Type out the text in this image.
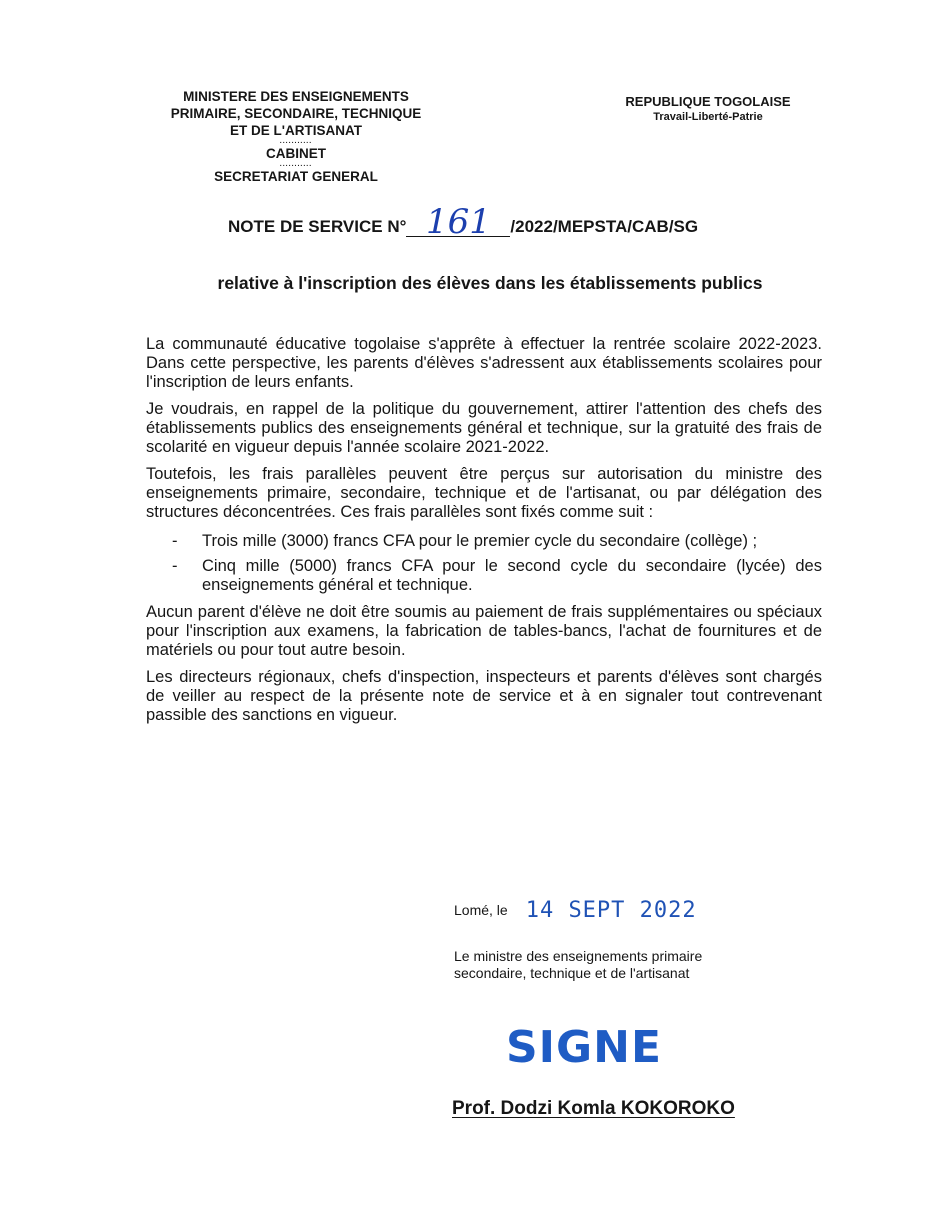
MINISTERE DES ENSEIGNEMENTS
PRIMAIRE, SECONDAIRE, TECHNIQUE
ET DE L'ARTISANAT
...........
CABINET
...........
SECRETARIAT GENERAL
REPUBLIQUE TOGOLAISE
Travail-Liberté-Patrie
NOTE DE SERVICE N° 161 /2022/MEPSTA/CAB/SG
relative à l'inscription des élèves dans les établissements publics

La communauté éducative togolaise s'apprête à effectuer la rentrée scolaire 2022-2023. Dans cette perspective, les parents d'élèves s'adressent aux établissements scolaires pour l'inscription de leurs enfants.

Je voudrais, en rappel de la politique du gouvernement, attirer l'attention des chefs des établissements publics des enseignements général et technique, sur la gratuité des frais de scolarité en vigueur depuis l'année scolaire 2021-2022.

Toutefois, les frais parallèles peuvent être perçus sur autorisation du ministre des enseignements primaire, secondaire, technique et de l'artisanat, ou par délégation des structures déconcentrées. Ces frais parallèles sont fixés comme suit :

- Trois mille (3000) francs CFA pour le premier cycle du secondaire (collège) ;
- Cinq mille (5000) francs CFA pour le second cycle du secondaire (lycée) des enseignements général et technique.

Aucun parent d'élève ne doit être soumis au paiement de frais supplémentaires ou spéciaux pour l'inscription aux examens, la fabrication de tables-bancs, l'achat de fournitures et de matériels ou pour tout autre besoin.

Les directeurs régionaux, chefs d'inspection, inspecteurs et parents d'élèves sont chargés de veiller au respect de la présente note de service et à en signaler tout contrevenant passible des sanctions en vigueur.

Lomé, le 14 SEPT 2022
Le ministre des enseignements primaire secondaire, technique et de l'artisanat
SIGNE
Prof. Dodzi Komla KOKOROKO
